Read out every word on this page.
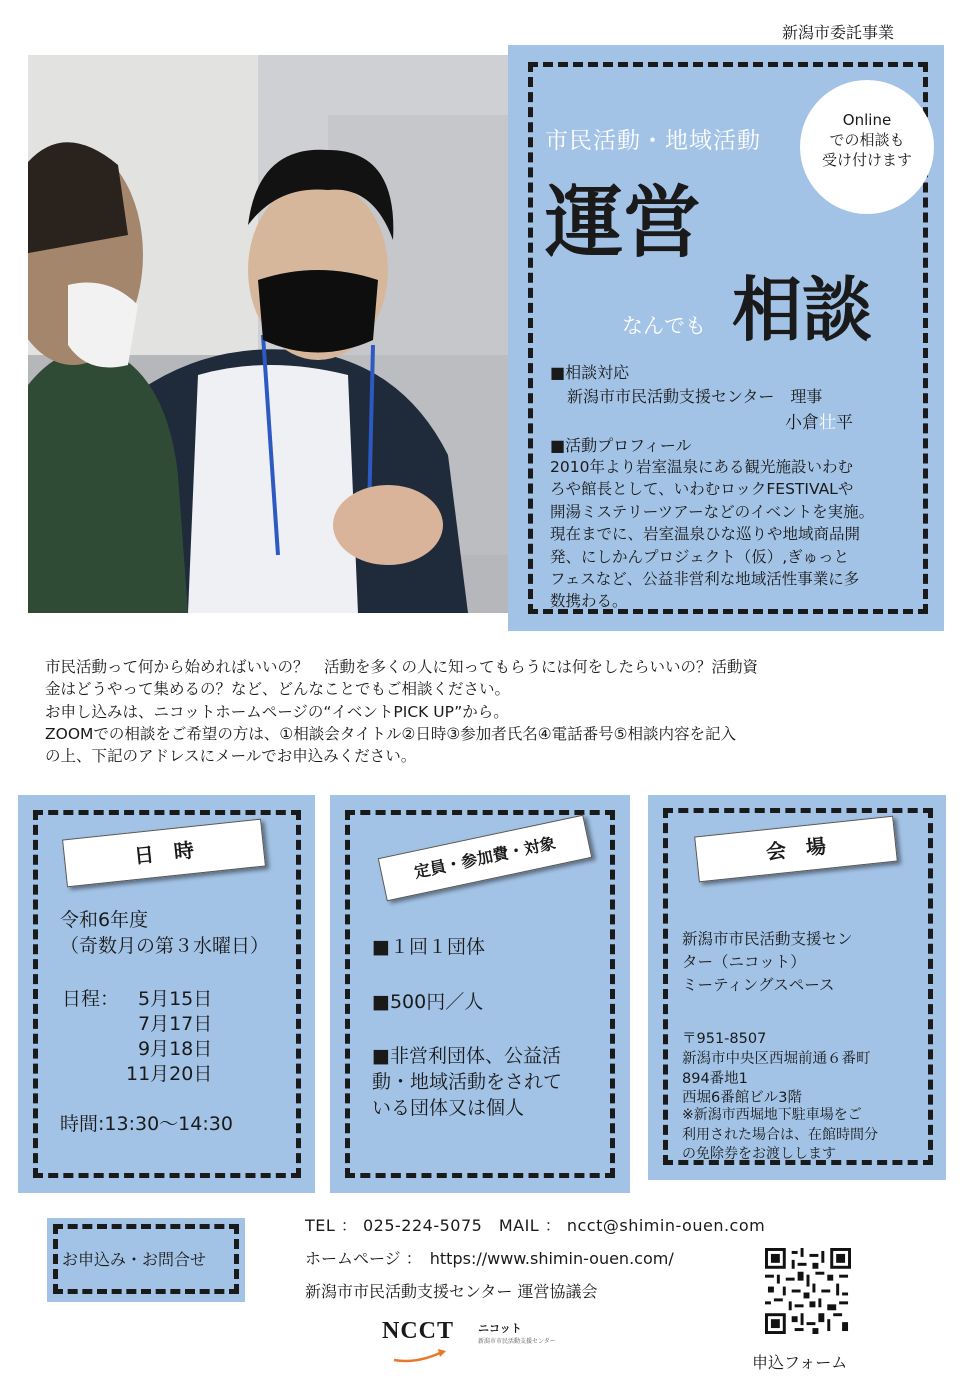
新潟市委託事業
市民活動・地域活動
Online
での相談も
受け付けます
運営
なんでも 相談
■相談対応
新潟市市民活動支援センター　理事
小倉壮平
■活動プロフィール
2010年より岩室温泉にある観光施設いわむ
ろや館長として、いわむロックFESTIVALや
開湯ミステリーツアーなどのイベントを実施。
現在までに、岩室温泉ひな巡りや地域商品開
発、にしかんプロジェクト（仮）,ぎゅっと
フェスなど、公益非営利な地域活性事業に多
数携わる。
市民活動って何から始めればいいの？　活動を多くの人に知ってもらうには何をしたらいいの？活動資
金はどうやって集めるの？など、どんなことでもご相談ください。
お申し込みは、ニコットホームページの“イベントPICK UP”から。
ZOOMでの相談をご希望の方は、①相談会タイトル②日時③参加者氏名④電話番号⑤相談内容を記入
の上、下記のアドレスにメールでお申込みください。
日　時
令和6年度
（奇数月の第３水曜日）
日程： 5月15日
7月17日
9月18日
11月20日
時間:13:30～14:30
定員・参加費・対象
■１回１団体
■500円／人
■非営利団体、公益活
動・地域活動をされて
いる団体又は個人
会　場
新潟市市民活動支援セン
ター（ニコット）
ミーティングスペース
〒951-8507
新潟市中央区西堀前通６番町
894番地1
西堀6番館ビル3階
※新潟市西堀地下駐車場をご
利用された場合は、在館時間分
の免除券をお渡しします
お申込み・お問合せ
TEL ： 025-224-5075　MAIL ： ncct@shimin-ouen.com
ホームページ ：　https://www.shimin-ouen.com/
新潟市市民活動支援センター 運営協議会
申込フォーム
NCCT ニコット
新潟市市民活動支援センター
